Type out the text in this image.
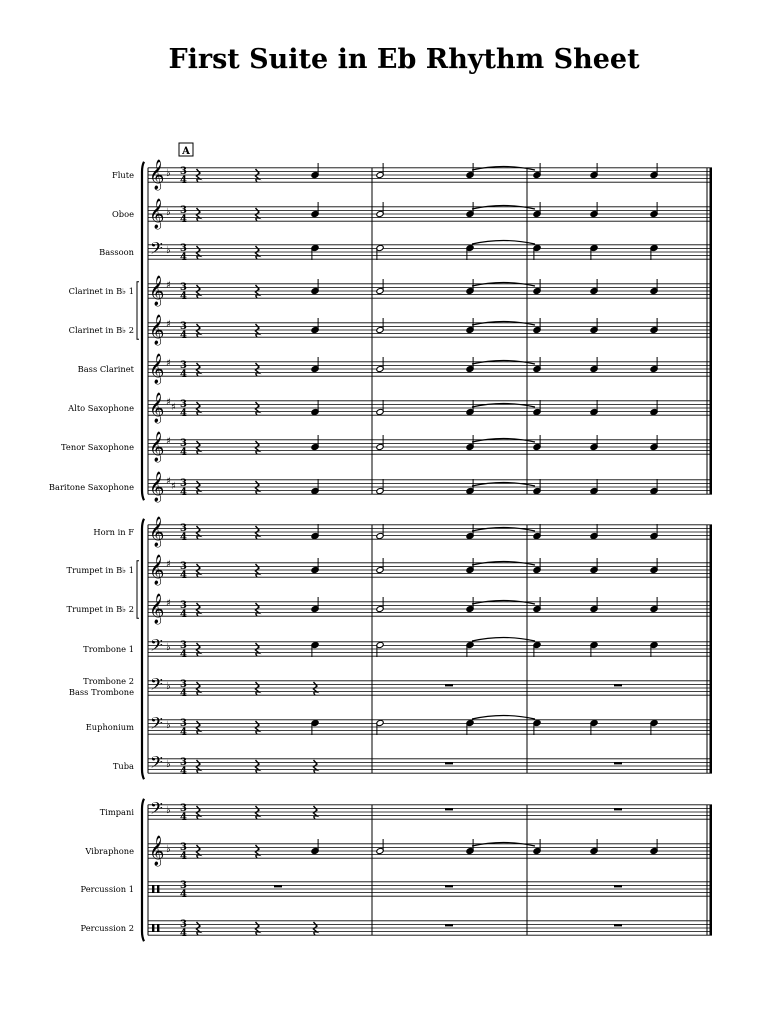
First Suite in Eb Rhythm Sheet
Flute 𝄞 ♭ 3
4
Oboe 𝄞 ♭ 3
4
Bassoon 𝄢 ♭ 3
4
Clarinet in B♭ 1 𝄞 ♯ 3
4
Clarinet in B♭ 2 𝄞 ♯ 3
4
Bass Clarinet 𝄞 ♯ 3
4
Alto Saxophone 𝄞 ♯ ♯ 3
4
Tenor Saxophone 𝄞 ♯ 3
4
Baritone Saxophone 𝄞 ♯ ♯ 3
4
Horn in F 𝄞 3
4
Trumpet in B♭ 1 𝄞 ♯ 3
4
Trumpet in B♭ 2 𝄞 ♯ 3
4
Trombone 1 𝄢 ♭ 3
4
Trombone 2 Bass Trombone 𝄢 ♭ 3
4
Euphonium 𝄢 ♭ 3
4
Tuba 𝄢 ♭ 3
4
Timpani 𝄢 ♭ 3
4
Vibraphone 𝄞 ♭ 3
4
Percussion 1	3
4
Percussion 2	3
4
A
